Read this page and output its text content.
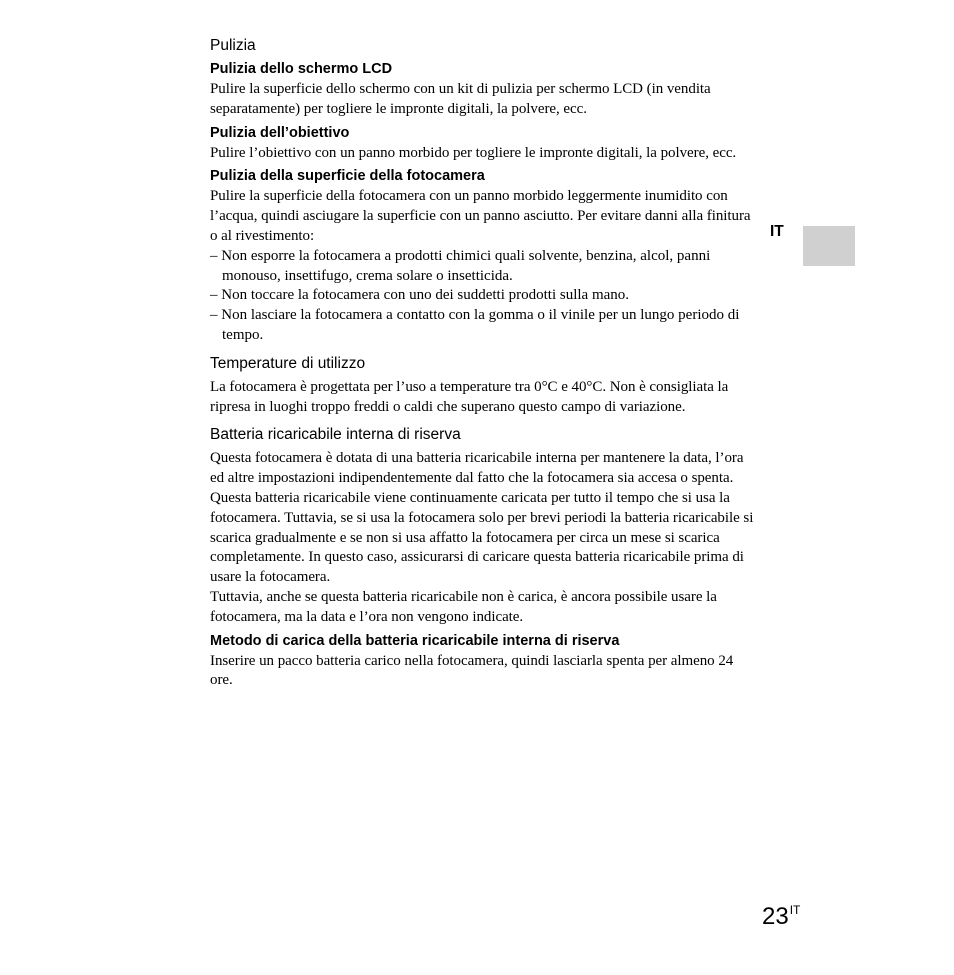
Pulizia
Pulizia dello schermo LCD

Pulire la superficie dello schermo con un kit di pulizia per schermo LCD (in vendita separatamente) per togliere le impronte digitali, la polvere, ecc.

Pulizia dell’obiettivo

Pulire l’obiettivo con un panno morbido per togliere le impronte digitali, la polvere, ecc.

Pulizia della superficie della fotocamera

Pulire la superficie della fotocamera con un panno morbido leggermente inumidito con l’acqua, quindi asciugare la superficie con un panno asciutto. Per evitare danni alla finitura o al rivestimento:

– Non esporre la fotocamera a prodotti chimici quali solvente, benzina, alcol, panni monouso, insettifugo, crema solare o insetticida.

– Non toccare la fotocamera con uno dei suddetti prodotti sulla mano.

– Non lasciare la fotocamera a contatto con la gomma o il vinile per un lungo periodo di tempo.

Temperature di utilizzo

La fotocamera è progettata per l’uso a temperature tra 0°C e 40°C. Non è consigliata la ripresa in luoghi troppo freddi o caldi che superano questo campo di variazione.

Batteria ricaricabile interna di riserva

Questa fotocamera è dotata di una batteria ricaricabile interna per mantenere la data, l’ora ed altre impostazioni indipendentemente dal fatto che la fotocamera sia accesa o spenta.

Questa batteria ricaricabile viene continuamente caricata per tutto il tempo che si usa la fotocamera. Tuttavia, se si usa la fotocamera solo per brevi periodi la batteria ricaricabile si scarica gradualmente e se non si usa affatto la fotocamera per circa un mese si scarica completamente. In questo caso, assicurarsi di caricare questa batteria ricaricabile prima di usare la fotocamera.

Tuttavia, anche se questa batteria ricaricabile non è carica, è ancora possibile usare la fotocamera, ma la data e l’ora non vengono indicate.

Metodo di carica della batteria ricaricabile interna di riserva

Inserire un pacco batteria carico nella fotocamera, quindi lasciarla spenta per almeno 24 ore.

IT
$23^{IT}$
